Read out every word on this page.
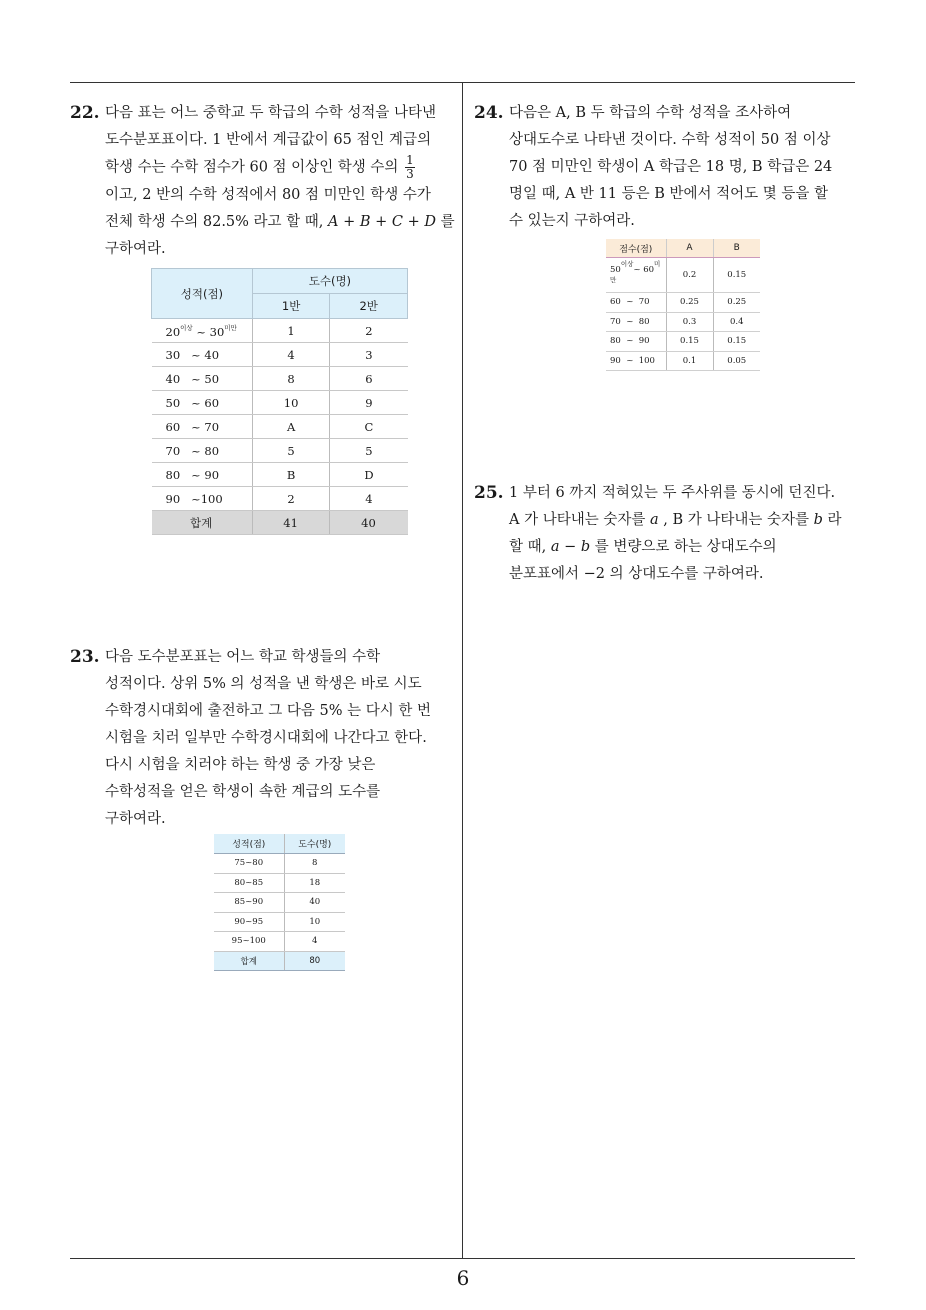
22. 다음 표는 어느 중학교 두 학급의 수학 성적을 나타낸

도수분포표이다. 1 반에서 계급값이 65 점인 계급의

학생 수는 수학 점수가 60 점 이상인 학생 수의 $\frac{1}{3}$

이고, 2 반의 수학 성적에서 80 점 미만인 학생 수가

전체 학생 수의 82.5% 라고 할 때, A + B + C + D 를

구하여라.

성적(점)	도수(명)	
	1반	2반
$20^{이상}$ ~ $30^{미만}$	1	2
30   ~ 40	4	3
40   ~ 50	8	6
50   ~ 60	10	9
60   ~ 70	A	C
70   ~ 80	5	5
80   ~ 90	B	D
90   ~100	2	4
합계	41	40
23. 다음 도수분포표는 어느 학교 학생들의 수학

성적이다. 상위 5% 의 성적을 낸 학생은 바로 시도

수학경시대회에 출전하고 그 다음 5% 는 다시 한 번

시험을 치러 일부만 수학경시대회에 나간다고 한다.

다시 시험을 치러야 하는 학생 중 가장 낮은

수학성적을 얻은 학생이 속한 계급의 도수를

구하여라.

성적(점)	도수(명)
75~80	8
80~85	18
85~90	40
90~95	10
95~100	4
합계	80
24. 다음은 A, B 두 학급의 수학 성적을 조사하여

상대도수로 나타낸 것이다. 수학 성적이 50 점 이상

70 점 미만인 학생이 A 학급은 18 명, B 학급은 24

명일 때, A 반 11 등은 B 반에서 적어도 몇 등을 할

수 있는지 구하여라.

점수(점)	A	B
$50^{이상}\sim$ $60^{미만}$	0.2	0.15
60  ~  70	0.25	0.25
70  ~  80	0.3	0.4
80  ~  90	0.15	0.15
90  ~  100	0.1	0.05
25. 1 부터 6 까지 적혀있는 두 주사위를 동시에 던진다.

A 가 나타내는 숫자를 a , B 가 나타내는 숫자를 b 라

할 때, a − b 를 변량으로 하는 상대도수의

분포표에서 −2 의 상대도수를 구하여라.

6
